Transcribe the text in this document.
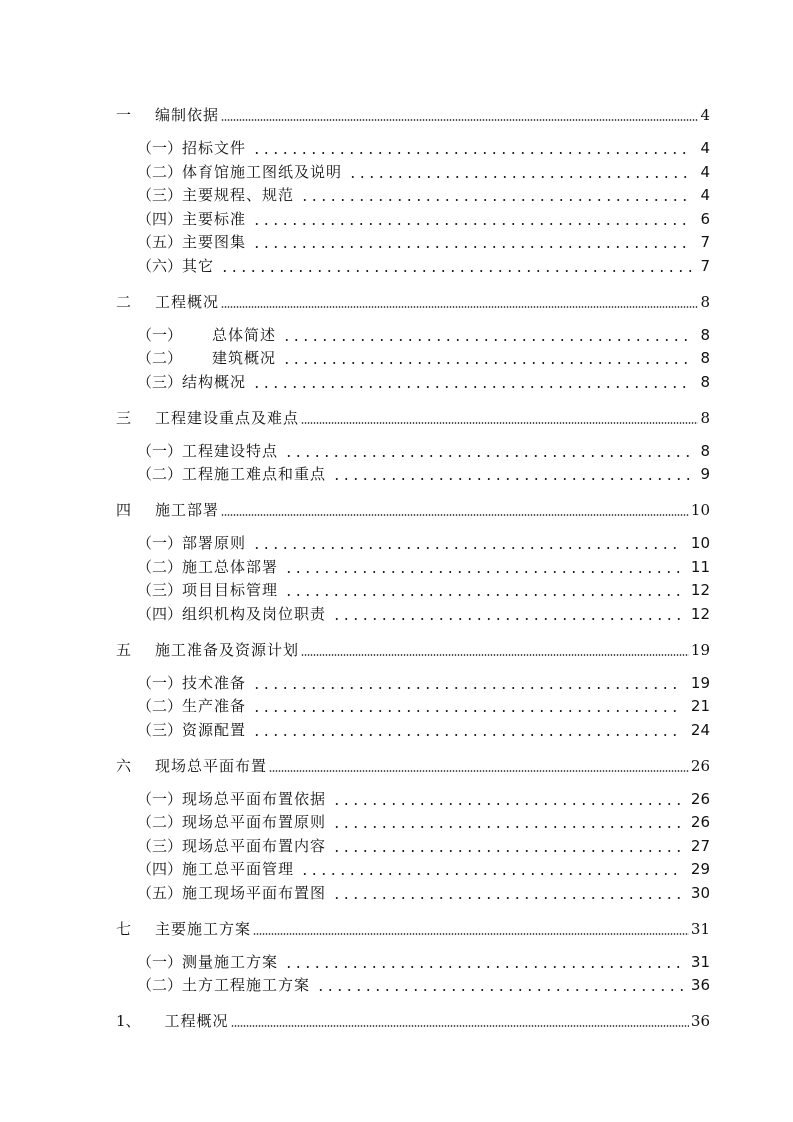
一 编制依据	4
（一） 招标文件	4
（二） 体育馆施工图纸及说明	4
（三） 主要规程、规范	4
（四） 主要标准	6
（五） 主要图集	7
（六） 其它	7
二 工程概况	8
（一） 总体简述	8
（二） 建筑概况	8
（三） 结构概况	8
三 工程建设重点及难点	8
（一） 工程建设特点	8
（二） 工程施工难点和重点	9
四 施工部署	10
（一） 部署原则	10
（二） 施工总体部署	11
（三） 项目目标管理	12
（四） 组织机构及岗位职责	12
五 施工准备及资源计划	19
（一） 技术准备	19
（二） 生产准备	21
（三） 资源配置	24
六 现场总平面布置	26
（一） 现场总平面布置依据	26
（二） 现场总平面布置原则	26
（三） 现场总平面布置内容	27
（四） 施工总平面管理	29
（五） 施工现场平面布置图	30
七 主要施工方案	31
（一） 测量施工方案	31
（二） 土方工程施工方案	36
1、 工程概况	36
